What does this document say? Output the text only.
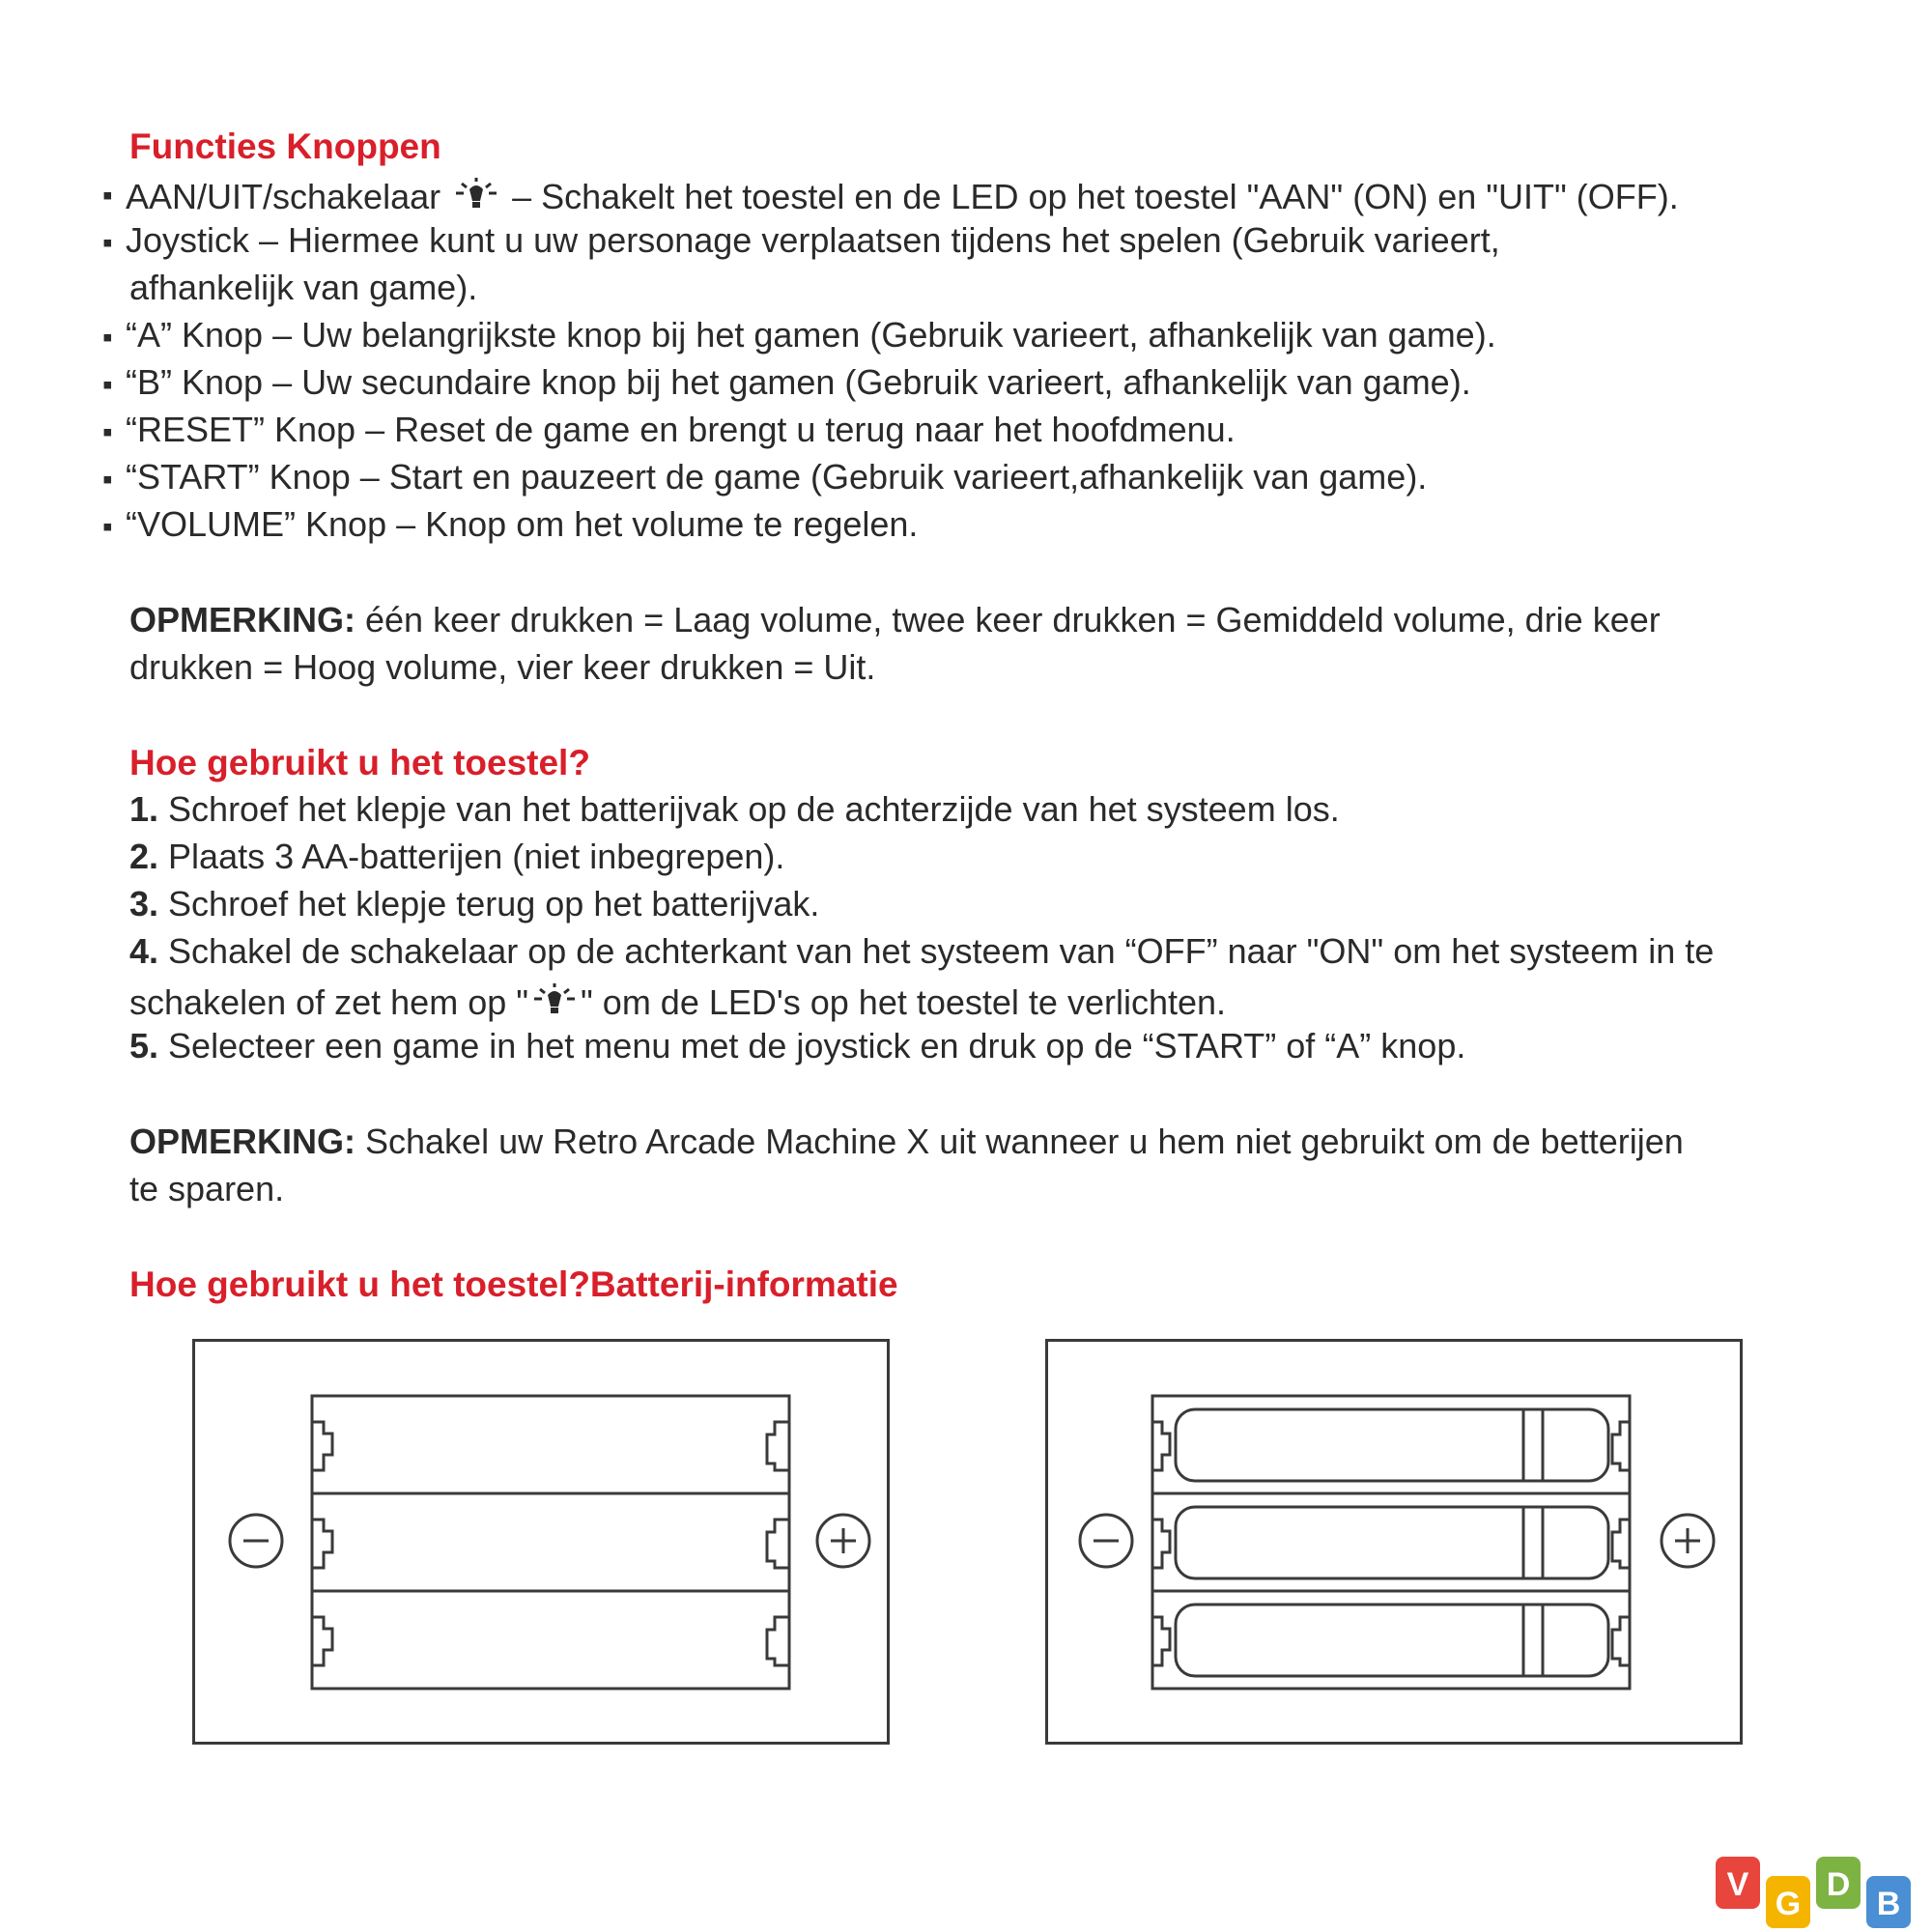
Functies Knoppen
▪ AAN/UIT/schakelaar  – Schakelt het toestel en de LED op het toestel "AAN" (ON) en "UIT" (OFF).
▪ Joystick – Hiermee kunt u uw personage verplaatsen tijdens het spelen (Gebruik varieert,
afhankelijk van game).
▪ “A” Knop – Uw belangrijkste knop bij het gamen (Gebruik varieert, afhankelijk van game).
▪ “B” Knop – Uw secundaire knop bij het gamen (Gebruik varieert, afhankelijk van game).
▪ “RESET” Knop – Reset de game en brengt u terug naar het hoofdmenu.
▪ “START” Knop – Start en pauzeert de game (Gebruik varieert,afhankelijk van game).
▪ “VOLUME” Knop – Knop om het volume te regelen.
OPMERKING: één keer drukken = Laag volume, twee keer drukken = Gemiddeld volume, drie keer
drukken = Hoog volume, vier keer drukken = Uit.
Hoe gebruikt u het toestel?
1. Schroef het klepje van het batterijvak op de achterzijde van het systeem los.
2. Plaats 3 AA-batterijen (niet inbegrepen).
3. Schroef het klepje terug op het batterijvak.
4. Schakel de schakelaar op de achterkant van het systeem van “OFF” naar "ON" om het systeem in te
schakelen of zet hem op " " om de LED's op het toestel te verlichten.
5. Selecteer een game in het menu met de joystick en druk op de “START” of “A” knop.
OPMERKING: Schakel uw Retro Arcade Machine X uit wanneer u hem niet gebruikt om de betterijen
te sparen.
Hoe gebruikt u het toestel?Batterij-informatie
V
G
D
B
